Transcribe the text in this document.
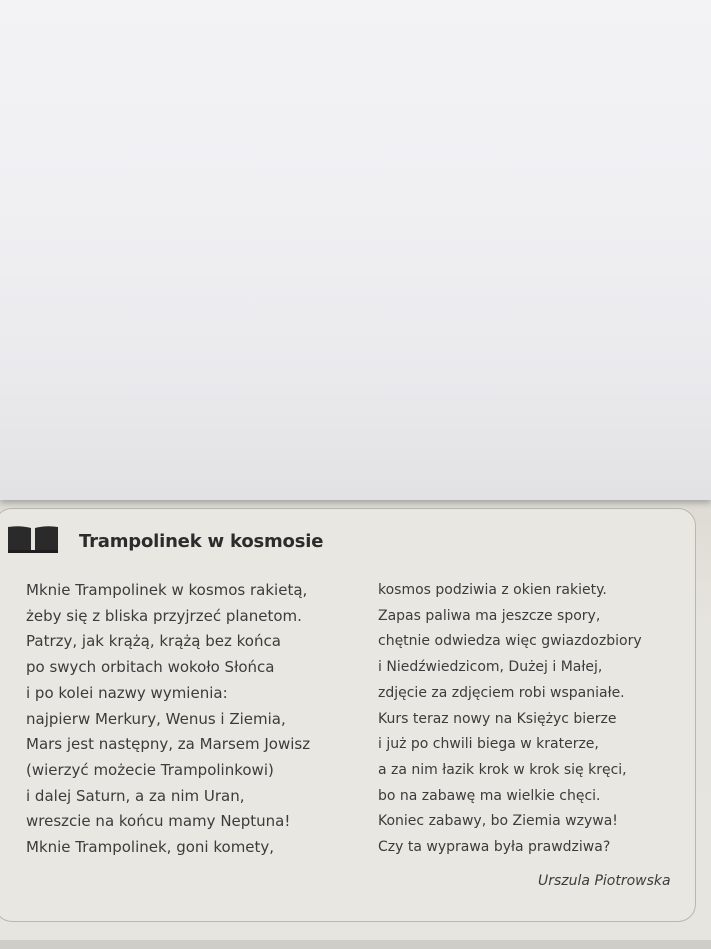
Trampolinek w kosmosie
Mknie Trampolinek w kosmos rakietą,
żeby się z bliska przyjrzeć planetom.
Patrzy, jak krążą, krążą bez końca
po swych orbitach wokoło Słońca
i po kolei nazwy wymienia:
najpierw Merkury, Wenus i Ziemia,
Mars jest następny, za Marsem Jowisz
(wierzyć możecie Trampolinkowi)
i dalej Saturn, a za nim Uran,
wreszcie na końcu mamy Neptuna!
Mknie Trampolinek, goni komety,
kosmos podziwia z okien rakiety.
Zapas paliwa ma jeszcze spory,
chętnie odwiedza więc gwiazdozbiory
i Niedźwiedzicom, Dużej i Małej,
zdjęcie za zdjęciem robi wspaniałe.
Kurs teraz nowy na Księżyc bierze
i już po chwili biega w kraterze,
a za nim łazik krok w krok się kręci,
bo na zabawę ma wielkie chęci.
Koniec zabawy, bo Ziemia wzywa!
Czy ta wyprawa była prawdziwa?
Urszula Piotrowska
